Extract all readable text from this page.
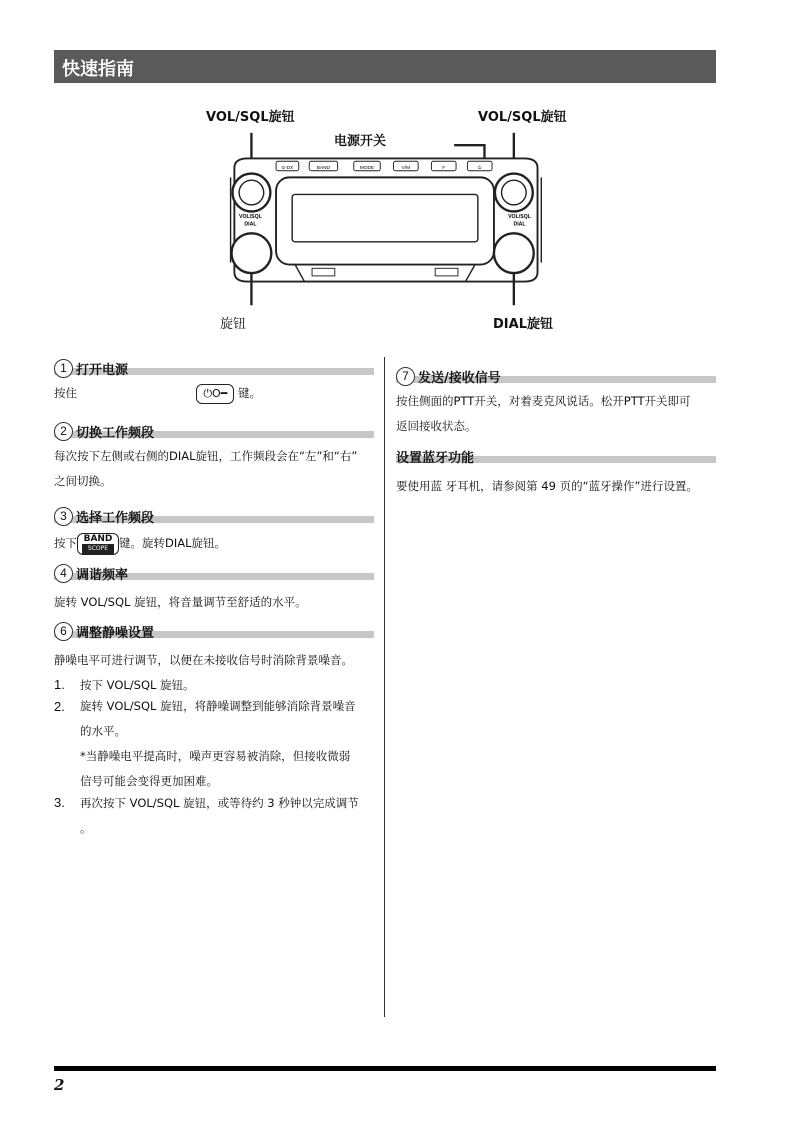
快速指南
VOL/SQL旋钮	VOL/SQL旋钮
电源开关
旋钮	DIAL旋钮
G-DX	BAND	MODE	V/M	F	⏻
VOL/SQL
DIAL
VOL/SQL
DIAL
1 打开电源
按住	⏻O━ 键。
2 切换工作频段
每次按下左侧或右侧的DIAL旋钮，工作频段会在“左”和“右”
之间切换。
3 选择工作频段
按下 BAND
SCOPE 键。旋转DIAL旋钮。
4 调谐频率
旋转 VOL/SQL 旋钮，将音量调节至舒适的水平。
6 调整静噪设置
静噪电平可进行调节，以便在未接收信号时消除背景噪音。
1. 按下 VOL/SQL 旋钮。
2. 旋转 VOL/SQL 旋钮，将静噪调整到能够消除背景噪音
的水平。
*当静噪电平提高时，噪声更容易被消除，但接收微弱
信号可能会变得更加困难。
3. 再次按下 VOL/SQL 旋钮，或等待约 3 秒钟以完成调节
。
7 发送/接收信号
按住侧面的PTT开关，对着麦克风说话。松开PTT开关即可
返回接收状态。
设置蓝牙功能
要使用蓝 牙耳机，请参阅第 49 页的“蓝牙操作”进行设置。
2
